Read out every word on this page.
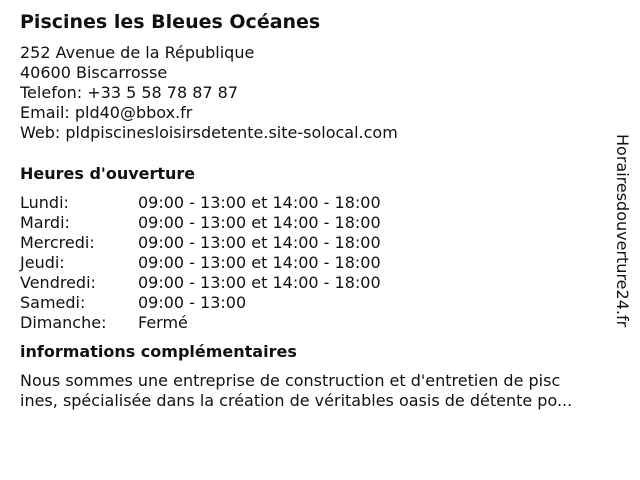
Piscines les Bleues Océanes
252 Avenue de la République
40600 Biscarrosse
Telefon: +33 5 58 78 87 87
Email: pld40@bbox.fr
Web: pldpiscinesloisirsdetente.site-solocal.com
Heures d'ouverture
Lundi:	09:00 - 13:00 et 14:00 - 18:00
Mardi:	09:00 - 13:00 et 14:00 - 18:00
Mercredi:	09:00 - 13:00 et 14:00 - 18:00
Jeudi:	09:00 - 13:00 et 14:00 - 18:00
Vendredi:	09:00 - 13:00 et 14:00 - 18:00
Samedi:	09:00 - 13:00
Dimanche:	Fermé
informations complémentaires

Nous sommes une entreprise de construction et d'entretien de pisc
ines, spécialisée dans la création de véritables oasis de détente po...

Horairesdouverture24.fr
